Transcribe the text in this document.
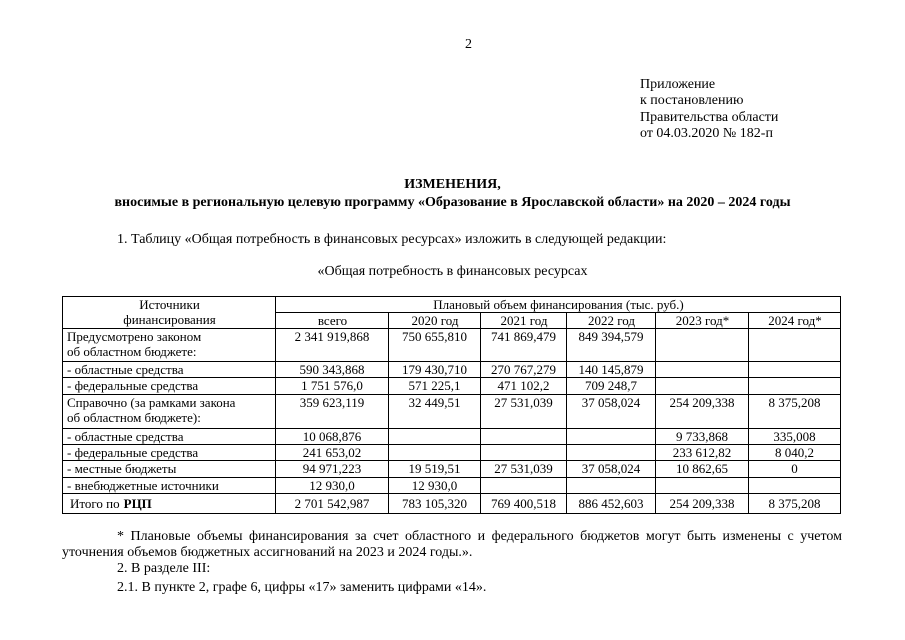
2
Приложение
к постановлению
Правительства области
от 04.03.2020 № 182-п
ИЗМЕНЕНИЯ,
вносимые в региональную целевую программу «Образование в Ярославской области» на 2020 – 2024 годы
1. Таблицу «Общая потребность в финансовых ресурсах» изложить в следующей редакции:
«Общая потребность в финансовых ресурсах
Источники
финансирования	Плановый объем финансирования (тыс. руб.)					
	всего	2020 год	2021 год	2022 год	2023 год*	2024 год*

Предусмотрено законом
об областном бюджете:	2 341 919,868	750 655,810	741 869,479	849 394,579		

- областные средства	590 343,868	179 430,710	270 767,279	140 145,879		

- федеральные средства	1 751 576,0	571 225,1	471 102,2	709 248,7		

Справочно (за рамками закона
об областном бюджете):	359 623,119	32 449,51	27 531,039	37 058,024	254 209,338	8 375,208

- областные средства	10 068,876				9 733,868	335,008

- федеральные средства	241 653,02				233 612,82	8 040,2

- местные бюджеты	94 971,223	19 519,51	27 531,039	37 058,024	10 862,65	0

- внебюджетные источники	12 930,0	12 930,0				
Итого по РЦП	2 701 542,987	783 105,320	769 400,518	886 452,603	254 209,338	8 375,208
* Плановые объемы финансирования за счет областного и федерального бюджетов могут быть изменены с учетом
уточнения объемов бюджетных ассигнований на 2023 и 2024 годы.».
2. В разделе III:
2.1. В пункте 2, графе 6, цифры «17» заменить цифрами «14».
